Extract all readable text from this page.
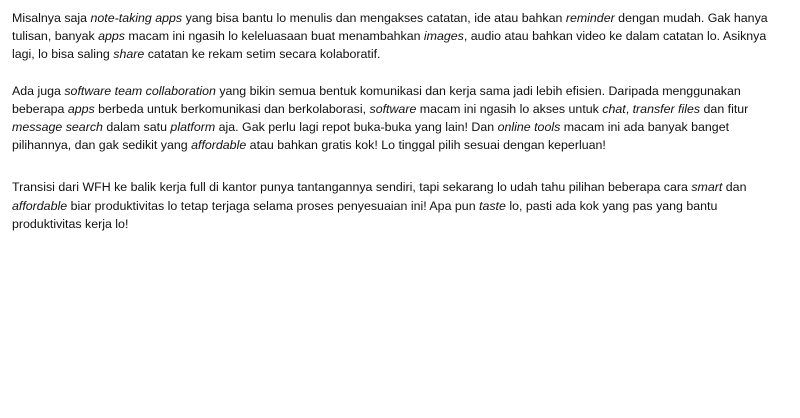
Misalnya saja note-taking apps yang bisa bantu lo menulis dan mengakses catatan, ide atau bahkan reminder dengan mudah. Gak hanya tulisan, banyak apps macam ini ngasih lo keleluasaan buat menambahkan images, audio atau bahkan video ke dalam catatan lo. Asiknya lagi, lo bisa saling share catatan ke rekam setim secara kolaboratif.

Ada juga software team collaboration yang bikin semua bentuk komunikasi dan kerja sama jadi lebih efisien. Daripada menggunakan beberapa apps berbeda untuk berkomunikasi dan berkolaborasi, software macam ini ngasih lo akses untuk chat, transfer files dan fitur message search dalam satu platform aja. Gak perlu lagi repot buka-buka yang lain! Dan online tools macam ini ada banyak banget pilihannya, dan gak sedikit yang affordable atau bahkan gratis kok! Lo tinggal pilih sesuai dengan keperluan!

Transisi dari WFH ke balik kerja full di kantor punya tantangannya sendiri, tapi sekarang lo udah tahu pilihan beberapa cara smart dan affordable biar produktivitas lo tetap terjaga selama proses penyesuaian ini! Apa pun taste lo, pasti ada kok yang pas yang bantu produktivitas kerja lo!
